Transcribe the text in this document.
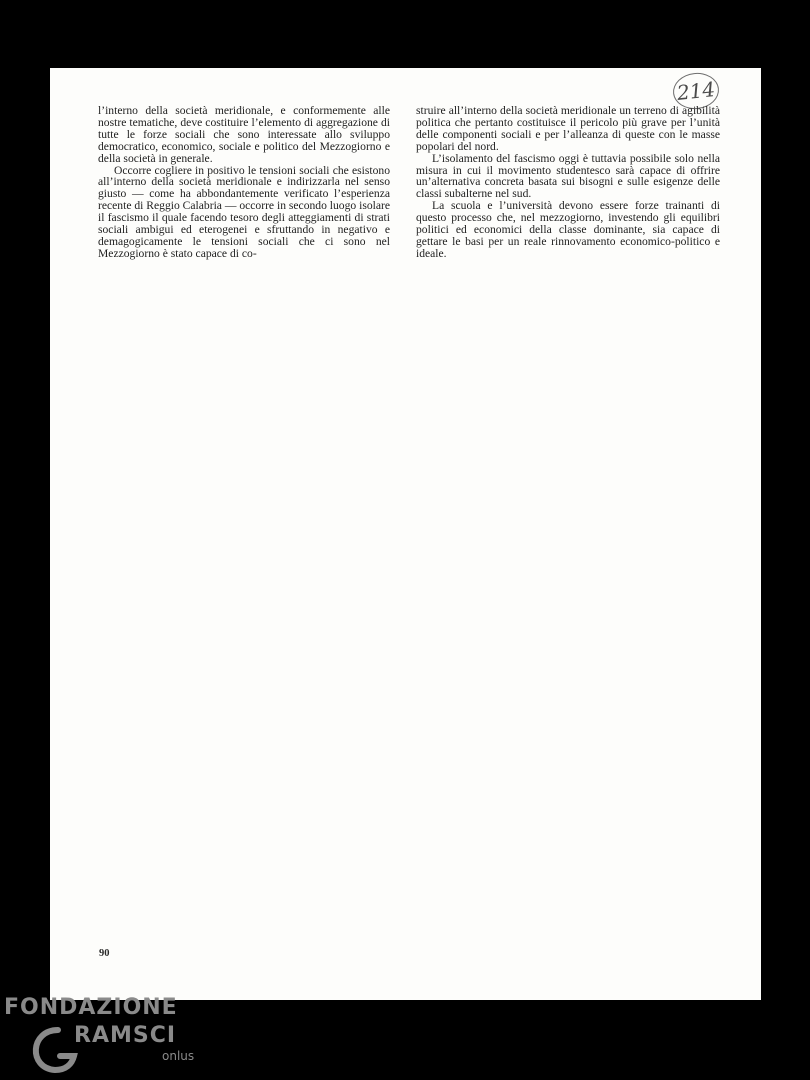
214

l’interno della società meridionale, e conformemente alle nostre tematiche, deve costituire l’elemento di aggregazione di tutte le forze sociali che sono interessate allo sviluppo democratico, economico, sociale e politico del Mezzogiorno e della società in generale.

Occorre cogliere in positivo le tensioni sociali che esistono all’interno della società meridionale e indirizzarla nel senso giusto — come ha abbondantemente verificato l’esperienza recente di Reggio Calabria — occorre in secondo luogo isolare il fascismo il quale facendo tesoro degli atteggiamenti di strati sociali ambigui ed eterogenei e sfruttando in negativo e demagogicamente le tensioni sociali che ci sono nel Mezzogiorno è stato capace di co-

struire all’interno della società meridionale un terreno di agibilità politica che pertanto costituisce il pericolo più grave per l’unità delle componenti sociali e per l’alleanza di queste con le masse popolari del nord.

L’isolamento del fascismo oggi è tuttavia possibile solo nella misura in cui il movimento studentesco sarà capace di offrire un’alternativa concreta basata sui bisogni e sulle esigenze delle classi subalterne nel sud.

La scuola e l’università devono essere forze trainanti di questo processo che, nel mezzogiorno, investendo gli equilibri politici ed economici della classe dominante, sia capace di gettare le basi per un reale rinnovamento economico-politico e ideale.

90
FONDAZIONE
RAMSCI
onlus
